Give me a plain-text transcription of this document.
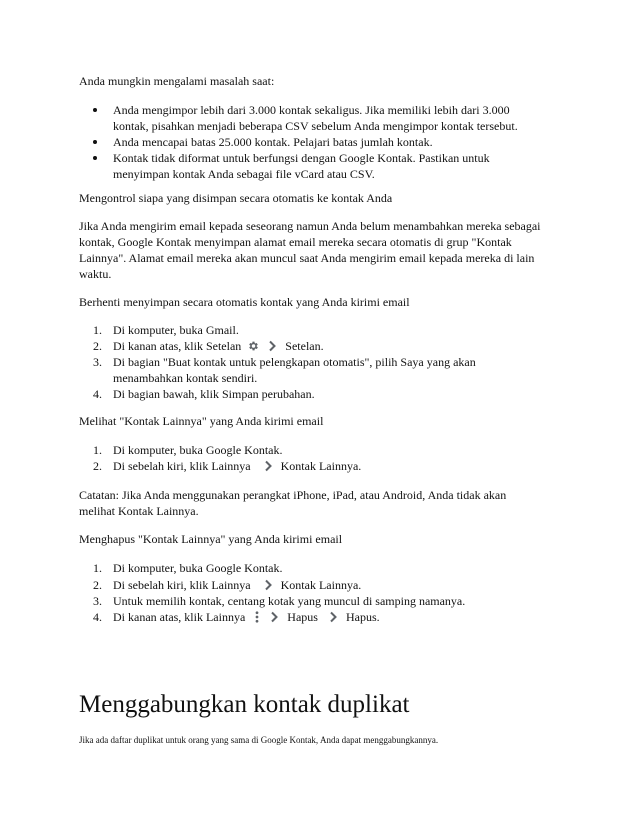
Anda mungkin mengalami masalah saat:
Anda mengimpor lebih dari 3.000 kontak sekaligus. Jika memiliki lebih dari 3.000
kontak, pisahkan menjadi beberapa CSV sebelum Anda mengimpor kontak tersebut.
Anda mencapai batas 25.000 kontak. Pelajari batas jumlah kontak.
Kontak tidak diformat untuk berfungsi dengan Google Kontak. Pastikan untuk
menyimpan kontak Anda sebagai file vCard atau CSV.
Mengontrol siapa yang disimpan secara otomatis ke kontak Anda
Jika Anda mengirim email kepada seseorang namun Anda belum menambahkan mereka sebagai
kontak, Google Kontak menyimpan alamat email mereka secara otomatis di grup "Kontak
Lainnya". Alamat email mereka akan muncul saat Anda mengirim email kepada mereka di lain
waktu.
Berhenti menyimpan secara otomatis kontak yang Anda kirimi email
1. Di komputer, buka Gmail.
2. Di kanan atas, klik Setelan	Setelan.
3. Di bagian "Buat kontak untuk pelengkapan otomatis", pilih Saya yang akan
menambahkan kontak sendiri.
4. Di bagian bawah, klik Simpan perubahan.
Melihat "Kontak Lainnya" yang Anda kirimi email
1. Di komputer, buka Google Kontak.
2. Di sebelah kiri, klik Lainnya	Kontak Lainnya.
Catatan: Jika Anda menggunakan perangkat iPhone, iPad, atau Android, Anda tidak akan
melihat Kontak Lainnya.
Menghapus "Kontak Lainnya" yang Anda kirimi email
1. Di komputer, buka Google Kontak.
2. Di sebelah kiri, klik Lainnya	Kontak Lainnya.
3. Untuk memilih kontak, centang kotak yang muncul di samping namanya.
4. Di kanan atas, klik Lainnya	Hapus Hapus.
Menggabungkan kontak duplikat
Jika ada daftar duplikat untuk orang yang sama di Google Kontak, Anda dapat menggabungkannya.
